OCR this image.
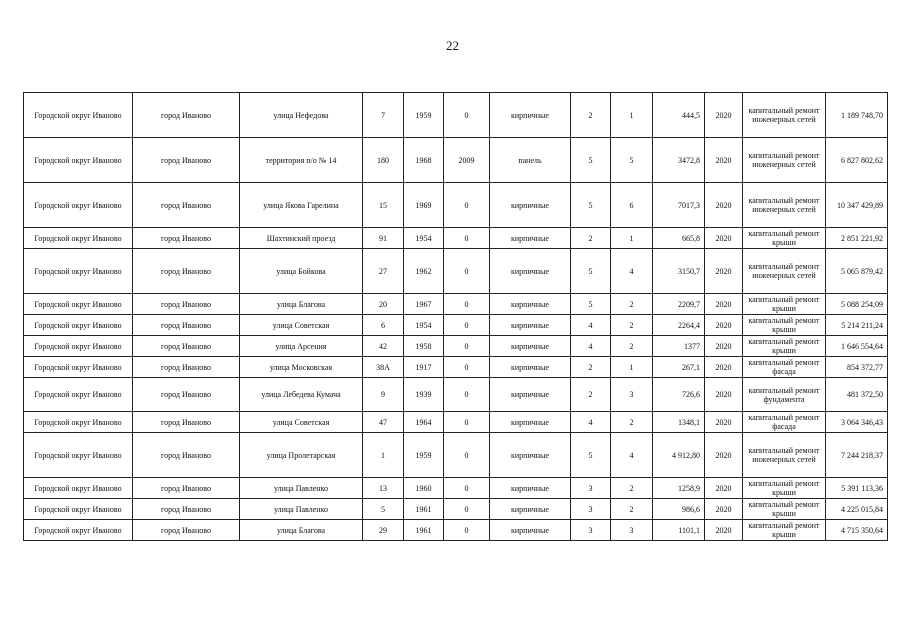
22
Городской округ Иваново	город Иваново	улица Нефедова	7	1959	0	кирпичные	2	1	444,5	2020	капитальный ремонт инженерных сетей	1 189 748,70
Городской округ Иваново	город Иваново	территория п/о № 14	180	1968	2009	панель	5	5	3472,8	2020	капитальный ремонт инженерных сетей	6 827 802,62
Городской округ Иваново	город Иваново	улица Якова Гарелина	15	1969	0	кирпичные	5	6	7017,3	2020	капитальный ремонт инженерных сетей	10 347 429,89
Городской округ Иваново	город Иваново	Шахтинский проезд	91	1954	0	кирпичные	2	1	665,8	2020	капитальный ремонт крыши	2 851 221,92
Городской округ Иваново	город Иваново	улица Бойкова	27	1962	0	кирпичные	5	4	3150,7	2020	капитальный ремонт инженерных сетей	5 065 879,42
Городской округ Иваново	город Иваново	улица Благова	20	1967	0	кирпичные	5	2	2209,7	2020	капитальный ремонт крыши	5 088 254,09
Городской округ Иваново	город Иваново	улица Советская	6	1954	0	кирпичные	4	2	2264,4	2020	капитальный ремонт крыши	5 214 211,24
Городской округ Иваново	город Иваново	улица Арсения	42	1958	0	кирпичные	4	2	1377	2020	капитальный ремонт крыши	1 646 554,64
Городской округ Иваново	город Иваново	улица Московская	38А	1917	0	кирпичные	2	1	267,1	2020	капитальный ремонт фасада	854 372,77
Городской округ Иваново	город Иваново	улица Лебедева Кумача	9	1939	0	кирпичные	2	3	726,6	2020	капитальный ремонт фундамента	481 372,50
Городской округ Иваново	город Иваново	улица Советская	47	1964	0	кирпичные	4	2	1348,1	2020	капитальный ремонт фасада	3 064 346,43
Городской округ Иваново	город Иваново	улица Пролетарская	1	1959	0	кирпичные	5	4	4 912,80	2020	капитальный ремонт инженерных сетей	7 244 218,37
Городской округ Иваново	город Иваново	улица Павленко	13	1960	0	кирпичные	3	2	1258,9	2020	капитальный ремонт крыши	5 391 113,36
Городской округ Иваново	город Иваново	улица Павленко	5	1961	0	кирпичные	3	2	986,6	2020	капитальный ремонт крыши	4 225 015,84
Городской округ Иваново	город Иваново	улица Благова	29	1961	0	кирпичные	3	3	1101,1	2020	капитальный ремонт крыши	4 715 350,64
